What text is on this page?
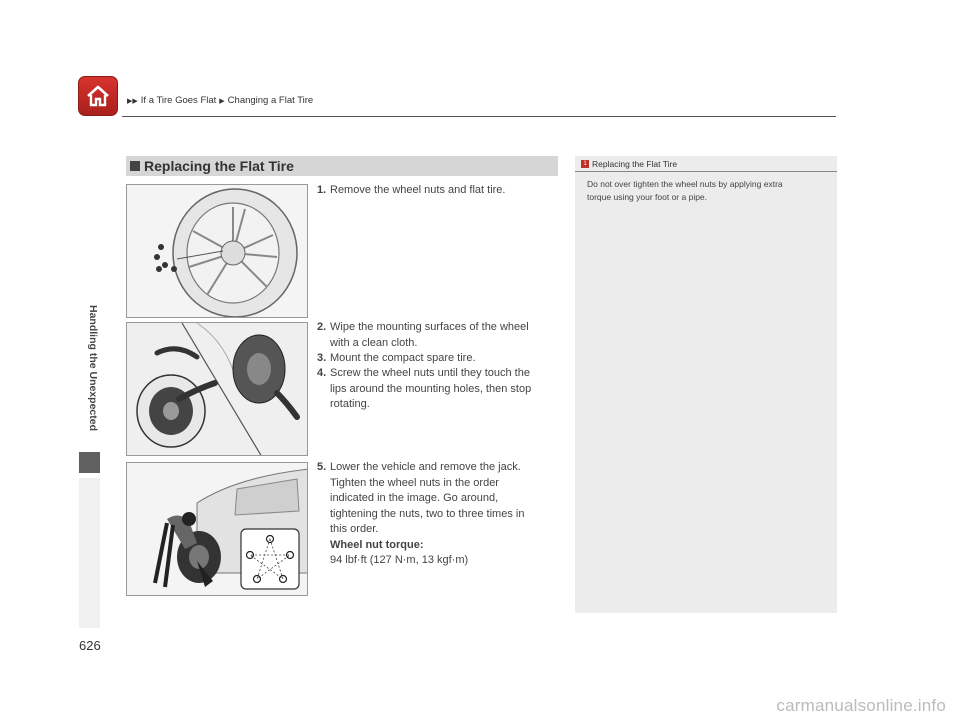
▶▶ If a Tire Goes Flat ▶ Changing a Flat Tire
Handling the Unexpected
Replacing the Flat Tire
1. Remove the wheel nuts and flat tire.
2. Wipe the mounting surfaces of the wheel
with a clean cloth.
3. Mount the compact spare tire.
4. Screw the wheel nuts until they touch the
lips around the mounting holes, then stop
rotating.
5. Lower the vehicle and remove the jack.
Tighten the wheel nuts in the order
indicated in the image. Go around,
tightening the nuts, two to three times in
this order.
Wheel nut torque:
94 lbf·ft (127 N·m, 13 kgf·m)
1 Replacing the Flat Tire
Do not over tighten the wheel nuts by applying extra
torque using your foot or a pipe.
626
carmanualsonline.info
